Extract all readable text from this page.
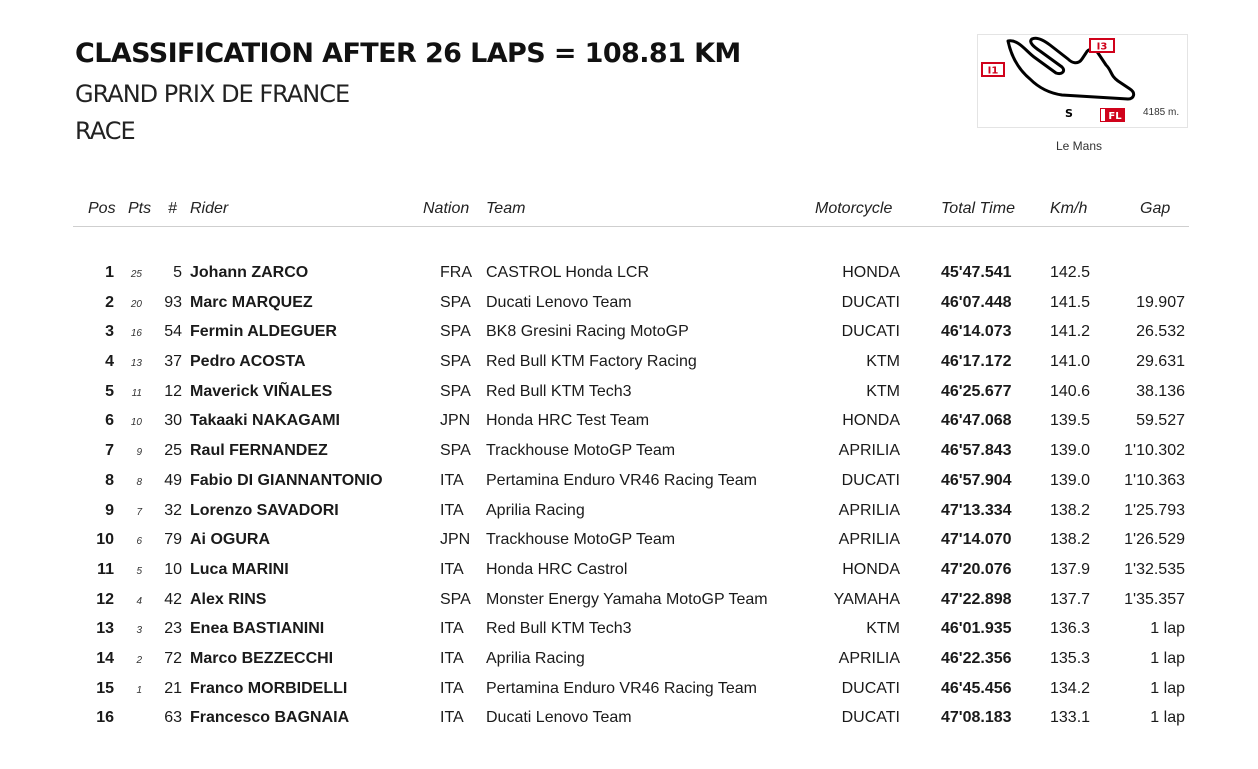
CLASSIFICATION AFTER 26 LAPS = 108.81 KM
GRAND PRIX DE FRANCE
RACE
I1
I3
S	FL 4185 m.
Le Mans
Pos Pts # Rider	Nation Team	Motorcycle	Total Time Km/h	Gap
1 25 5 Johann ZARCO	FRA CASTROL Honda LCR	HONDA	45'47.541 142.5
2 20 93 Marc MARQUEZ	SPA Ducati Lenovo Team	DUCATI	46'07.448 141.5	19.907
3 16 54 Fermin ALDEGUER	SPA BK8 Gresini Racing MotoGP	DUCATI	46'14.073 141.2	26.532
4 13 37 Pedro ACOSTA	SPA Red Bull KTM Factory Racing	KTM	46'17.172 141.0	29.631
5 11 12 Maverick VIÑALES	SPA Red Bull KTM Tech3	KTM	46'25.677 140.6	38.136
6 10 30 Takaaki NAKAGAMI	JPN Honda HRC Test Team	HONDA	46'47.068 139.5	59.527
7 9 25 Raul FERNANDEZ	SPA Trackhouse MotoGP Team	APRILIA	46'57.843 139.0 1'10.302
8 8 49 Fabio DI GIANNANTONIO	ITA Pertamina Enduro VR46 Racing Team	DUCATI	46'57.904 139.0 1'10.363
9 7 32 Lorenzo SAVADORI	ITA Aprilia Racing	APRILIA	47'13.334 138.2 1'25.793
10 6 79 Ai OGURA	JPN Trackhouse MotoGP Team	APRILIA	47'14.070 138.2 1'26.529
11 5 10 Luca MARINI	ITA Honda HRC Castrol	HONDA	47'20.076 137.9 1'32.535
12 4 42 Alex RINS	SPA Monster Energy Yamaha MotoGP Team	YAMAHA	47'22.898 137.7 1'35.357
13 3 23 Enea BASTIANINI	ITA Red Bull KTM Tech3	KTM	46'01.935 136.3	1 lap
14 2 72 Marco BEZZECCHI	ITA Aprilia Racing	APRILIA	46'22.356 135.3	1 lap
15 1 21 Franco MORBIDELLI	ITA Pertamina Enduro VR46 Racing Team	DUCATI	46'45.456 134.2	1 lap
16	63 Francesco BAGNAIA	ITA Ducati Lenovo Team	DUCATI	47'08.183 133.1	1 lap
